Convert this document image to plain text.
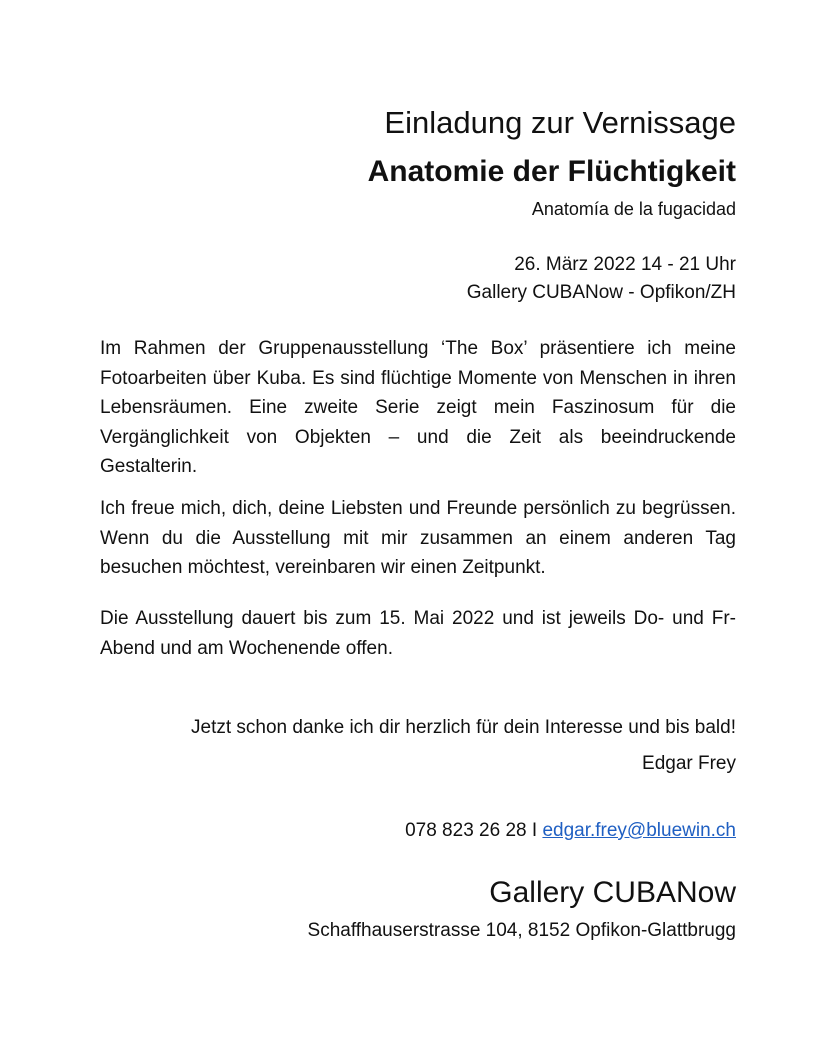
Einladung zur Vernissage
Anatomie der Flüchtigkeit
Anatomía de la fugacidad
26. März 2022 14 - 21 Uhr
Gallery CUBANow - Opfikon/ZH

Im Rahmen der Gruppenausstellung ‘The Box’ präsentiere ich meine Fotoarbeiten über Kuba. Es sind flüchtige Momente von Menschen in ihren Lebensräumen. Eine zweite Serie zeigt mein Faszinosum für die Vergänglichkeit von Objekten – und die Zeit als beeindruckende Gestalterin.

Ich freue mich, dich, deine Liebsten und Freunde persönlich zu begrüssen. Wenn du die Ausstellung mit mir zusammen an einem anderen Tag besuchen möchtest, vereinbaren wir einen Zeitpunkt.

Die Ausstellung dauert bis zum 15. Mai 2022 und ist jeweils Do- und Fr-Abend und am Wochenende offen.

Jetzt schon danke ich dir herzlich für dein Interesse und bis bald!
Edgar Frey
078 823 26 28 I edgar.frey@bluewin.ch
Gallery CUBANow
Schaffhauserstrasse 104, 8152 Opfikon-Glattbrugg
